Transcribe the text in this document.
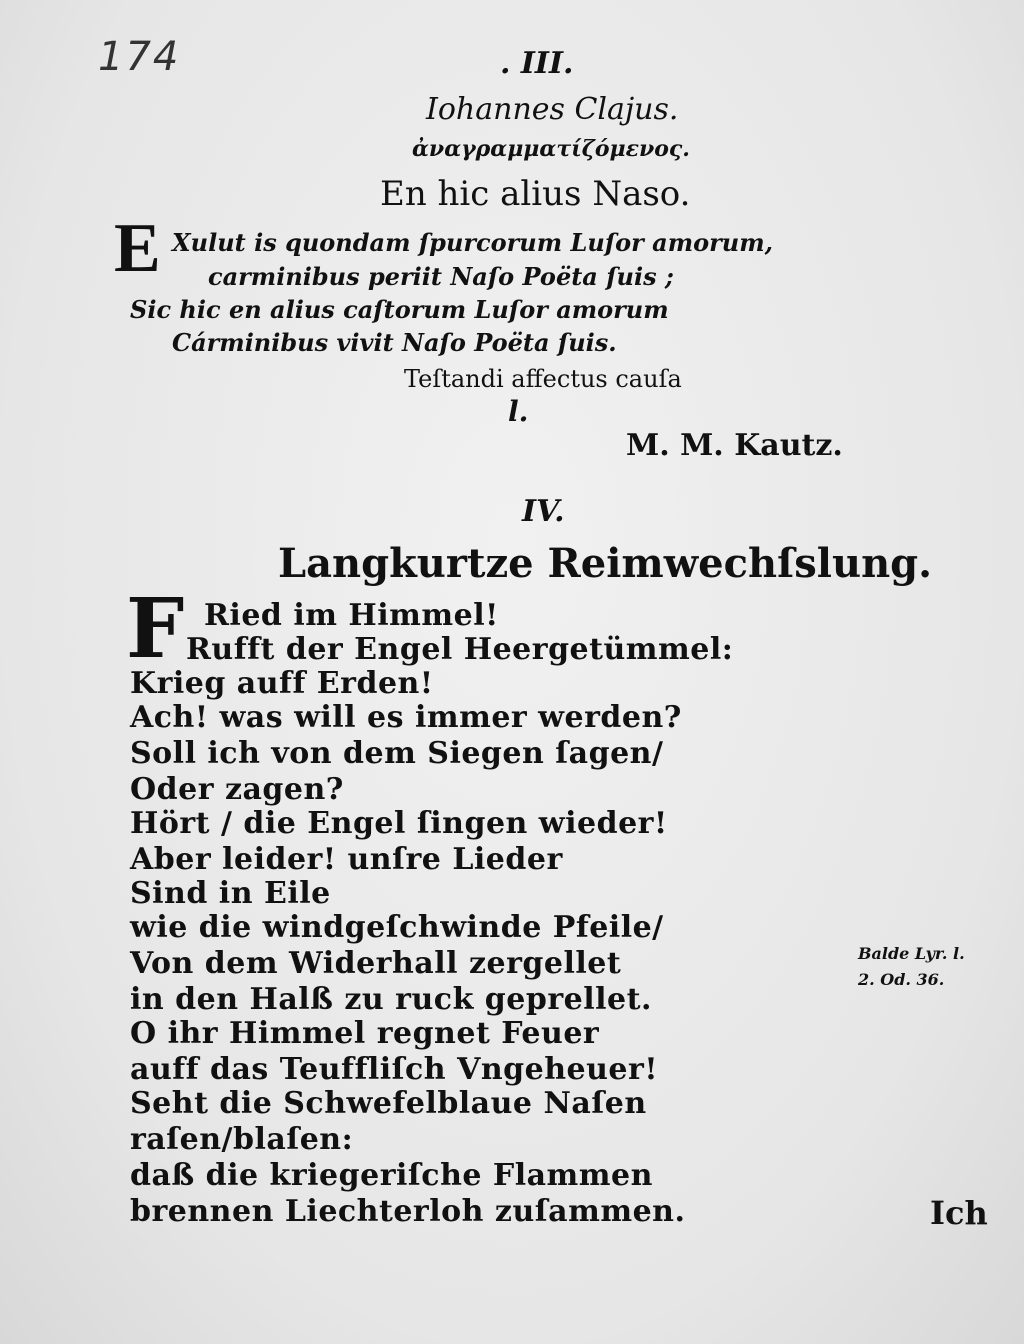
174	. III.
Iohannes Clajus.
ἀναγραμματίζόμενος.
En hic alius Naso.
E Xulut is quondam ſpurcorum Luſor amorum,
carminibus periit Naſo Poëta ſuis ;
Sic hic en alius caſtorum Luſor amorum
Cárminibus vivit Naſo Poëta ſuis.
Teſtandi affectus cauſa
l.
M. M. Kautz.
IV.
Langkurtze Reimwechſslung.
F Ried im Himmel!
Rufft der Engel Heergetümmel:
Krieg auff Erden!
Ach! was will es immer werden?
Soll ich von dem Siegen ſagen/
Oder zagen?
Hört / die Engel ſingen wieder!
Aber leider! unſre Lieder
Sind in Eile
wie die windgeſchwinde Pfeile/
Von dem Widerhall zergellet
in den Halß zu ruck geprellet.
O ihr Himmel regnet Feuer
auff das Teuffliſch Vngeheuer!
Seht die Schwefelblaue Naſen
raſen/blaſen:
daß die kriegeriſche Flammen
brennen Liechterloh zuſammen.
Balde Lyr. l.
2. Od. 36.
Ich
